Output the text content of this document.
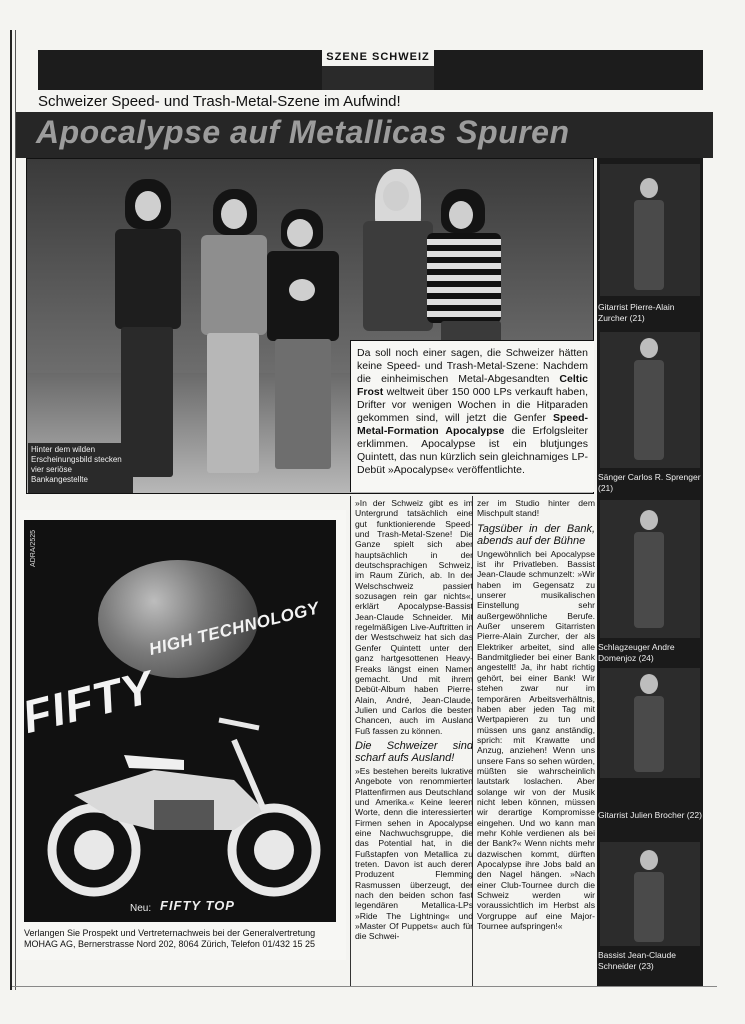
SZENE SCHWEIZ
Schweizer Speed- und Trash-Metal-Szene im Aufwind!
Apocalypse auf Metallicas Spuren
Hinter dem wilden Erscheinungsbild stecken vier seriöse Bankangestellte
Da soll noch einer sagen, die Schweizer hätten keine Speed- und Trash-Metal-Szene: Nachdem die einheimischen Metal-Abgesandten Celtic Frost weltweit über 150 000 LPs verkauft haben, Drifter vor wenigen Wochen in die Hitparaden gekommen sind, will jetzt die Genfer Speed-Metal-Formation Apocalypse die Erfolgsleiter erklimmen. Apocalypse ist ein blutjunges Quintett, das nun kürzlich sein gleichnamiges LP-Debüt »Apocalypse« veröffentlichte.
Gitarrist Pierre-Alain Zurcher (21)
Sänger Carlos R. Sprenger (21)
Schlagzeuger Andre Domenjoz (24)
Gitarrist Julien Brocher (22)
Bassist Jean-Claude Schneider (23)
ADRA/2525
HIGH TECHNOLOGY
FIFTY
Neu: FIFTY TOP
Verlangen Sie Prospekt und Vertreternachweis bei der Generalvertretung
MOHAG AG, Bernerstrasse Nord 202, 8064 Zürich, Telefon 01/432 15 25

»In der Schweiz gibt es im Untergrund tatsächlich eine gut funktionierende Speed- und Trash-Metal-Szene! Die Ganze spielt sich aber hauptsächlich in der deutschsprachigen Schweiz, im Raum Zürich, ab. In der Welschschweiz passiert sozusagen rein gar nichts«, erklärt Apocalypse-Bassist Jean-Claude Schneider. Mit regelmäßigen Live-Auftritten in der Westschweiz hat sich das Genfer Quintett unter den ganz hartgesottenen Heavy-Freaks längst einen Namen gemacht. Und mit ihrem Debüt-Album haben Pierre-Alain, André, Jean-Claude, Julien und Carlos die besten Chancen, auch im Ausland Fuß fassen zu können.

Die Schweizer sind scharf aufs Ausland!

»Es bestehen bereits lukrative Angebote von renommierten Plattenfirmen aus Deutschland und Amerika.« Keine leeren Worte, denn die interessierten Firmen sehen in Apocalypse eine Nachwuchsgruppe, die das Potential hat, in die Fußstapfen von Metallica zu treten. Davon ist auch deren Produzent Flemming Rasmussen überzeugt, der nach den beiden schon fast legendären Metallica-LPs »Ride The Lightning« und »Master Of Puppets« auch für die Schwei-

zer im Studio hinter dem Mischpult stand!

Tagsüber in der Bank, abends auf der Bühne

Ungewöhnlich bei Apocalypse ist ihr Privatleben. Bassist Jean-Claude schmunzelt: »Wir haben im Gegensatz zu unserer musikalischen Einstellung sehr außergewöhnliche Berufe. Außer unserem Gitarristen Pierre-Alain Zurcher, der als Elektriker arbeitet, sind alle Bandmitglieder bei einer Bank angestellt! Ja, ihr habt richtig gehört, bei einer Bank! Wir stehen zwar nur im temporären Arbeitsverhältnis, haben aber jeden Tag mit Wertpapieren zu tun und müssen uns ganz anständig, sprich: mit Krawatte und Anzug, anziehen! Wenn uns unsere Fans so sehen würden, müßten sie wahrscheinlich lautstark loslachen. Aber solange wir von der Musik nicht leben können, müssen wir derartige Kompromisse eingehen. Und wo kann man mehr Kohle verdienen als bei der Bank?« Wenn nichts mehr dazwischen kommt, dürften Apocalypse ihre Jobs bald an den Nagel hängen. »Nach einer Club-Tournee durch die Schweiz werden wir voraussichtlich im Herbst als Vorgruppe auf eine Major-Tournee aufspringen!«
